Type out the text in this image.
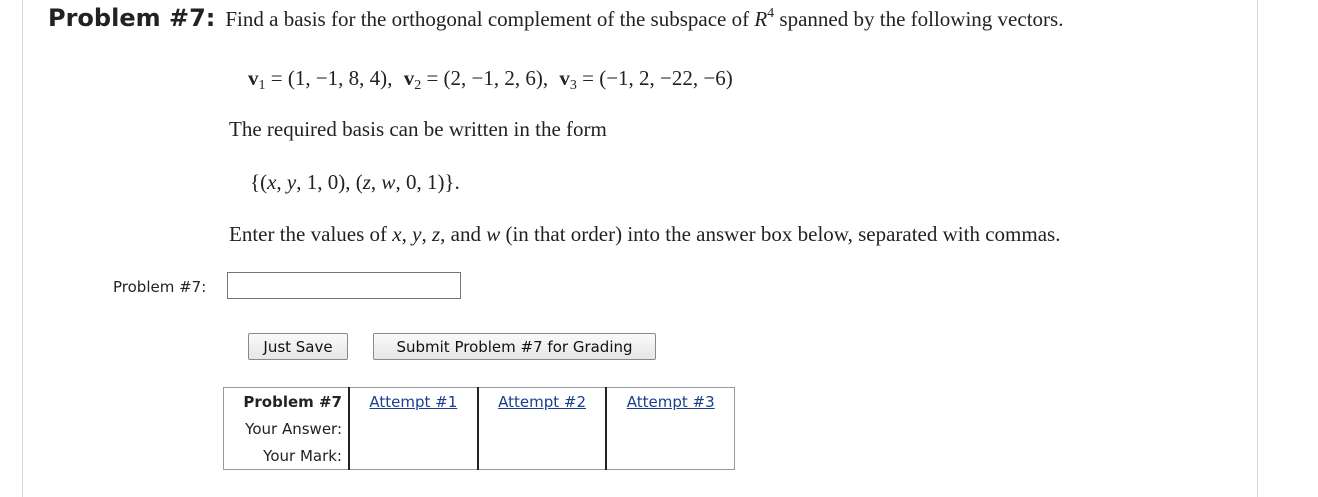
Problem #7: Find a basis for the orthogonal complement of the subspace of $R^4$ spanned by the following vectors.
$v_1 = (1$, −1, 8, 4), $v_2 = (2$, −1, 2, 6), $v_3 = (-1$, 2, −22, −6)
The required basis can be written in the form
{(x, y, 1, 0), (z, w, 0, 1)}.
Enter the values of x, y, z, and w (in that order) into the answer box below, separated with commas.
Problem #7:
Just Save	Submit Problem #7 for Grading
Problem #7	Attempt #1	Attempt #2	Attempt #3
Your Answer:			
Your Mark:			
